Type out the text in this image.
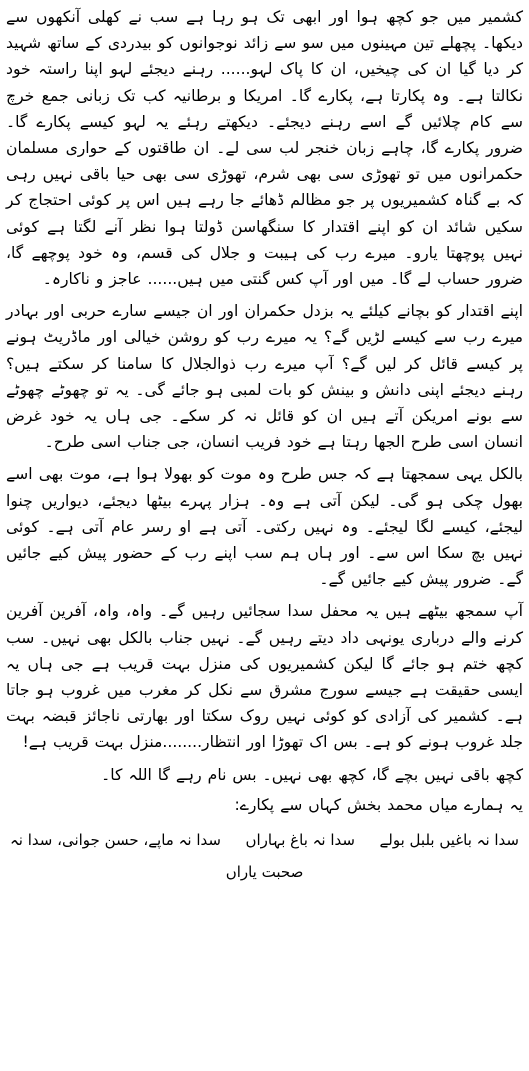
کشمیر میں جو کچھ ہوا اور ابھی تک ہو رہا ہے سب نے کھلی آنکھوں سے دیکھا۔ پچھلے تین مہینوں میں سو سے زائد نوجوانوں کو بیدردی کے ساتھ شہید کر دیا گیا ان کی چیخیں، ان کا پاک لہو...... رہنے دیجئے لہو اپنا راستہ خود نکالتا ہے۔ وہ پکارتا ہے، پکارے گا۔ امریکا و برطانیہ کب تک زبانی جمع خرچ سے کام چلائیں گے اسے رہنے دیجئے۔ دیکھتے رہئے یہ لہو کیسے پکارے گا۔ ضرور پکارے گا، چاہے زبان خنجر لب سی لے۔ ان طاقتوں کے حواری مسلمان حکمرانوں میں تو تھوڑی سی بھی شرم، تھوڑی سی بھی حیا باقی نہیں رہی کہ بے گناہ کشمیریوں پر جو مظالم ڈھائے جا رہے ہیں اس پر کوئی احتجاج کر سکیں شائد ان کو اپنے اقتدار کا سنگھاسن ڈولتا ہوا نظر آنے لگتا ہے کوئی نہیں پوچھتا یارو۔ میرے رب کی ہیبت و جلال کی قسم، وہ خود پوچھے گا، ضرور حساب لے گا۔ میں اور آپ کس گنتی میں ہیں...... عاجز و ناکارہ۔

اپنے اقتدار کو بچانے کیلئے یہ بزدل حکمران اور ان جیسے سارے حربی اور بہادر میرے رب سے کیسے لڑیں گے؟ یہ میرے رب کو روشن خیالی اور ماڈریٹ ہونے پر کیسے قائل کر لیں گے؟ آپ میرے رب ذوالجلال کا سامنا کر سکتے ہیں؟ رہنے دیجئے اپنی دانش و بینش کو بات لمبی ہو جائے گی۔ یہ تو چھوٹے چھوٹے سے بونے امریکن آتے ہیں ان کو قائل نہ کر سکے۔ جی ہاں یہ خود غرض انسان اسی طرح الجھا رہتا ہے خود فریب انسان، جی جناب اسی طرح۔

بالکل یہی سمجھتا ہے کہ جس طرح وہ موت کو بھولا ہوا ہے، موت بھی اسے بھول چکی ہو گی۔ لیکن آتی ہے وہ۔ ہزار پہرے بیٹھا دیجئے، دیواریں چنوا لیجئے، کیسے لگا لیجئے۔ وہ نہیں رکتی۔ آتی ہے او رسر عام آتی ہے۔ کوئی نہیں بچ سکا اس سے۔ اور ہاں ہم سب اپنے رب کے حضور پیش کیے جائیں گے۔ ضرور پیش کیے جائیں گے۔

آپ سمجھ بیٹھے ہیں یہ محفل سدا سجائیں رہیں گے۔ واہ، واہ، آفرین آفرین کرنے والے درباری یونہی داد دیتے رہیں گے۔ نہیں جناب بالکل بھی نہیں۔ سب کچھ ختم ہو جائے گا لیکن کشمیریوں کی منزل بہت قریب ہے جی ہاں یہ ایسی حقیقت ہے جیسے سورج مشرق سے نکل کر مغرب میں غروب ہو جاتا ہے۔ کشمیر کی آزادی کو کوئی نہیں روک سکتا اور بھارتی ناجائز قبضہ بہت جلد غروب ہونے کو ہے۔ بس اک تھوڑا اور انتظار........منزل بہت قریب ہے!

کچھ باقی نہیں بچے گا، کچھ بھی نہیں۔ بس نام رہے گا اللہ کا۔

یہ ہمارے میاں محمد بخش کہاں سے پکارے:

سدا نہ باغیں بلبل بولے
سدا نہ باغ بہاراں
سدا نہ ماپے، حسن جوانی، سدا نہ
صحبت یاراں
